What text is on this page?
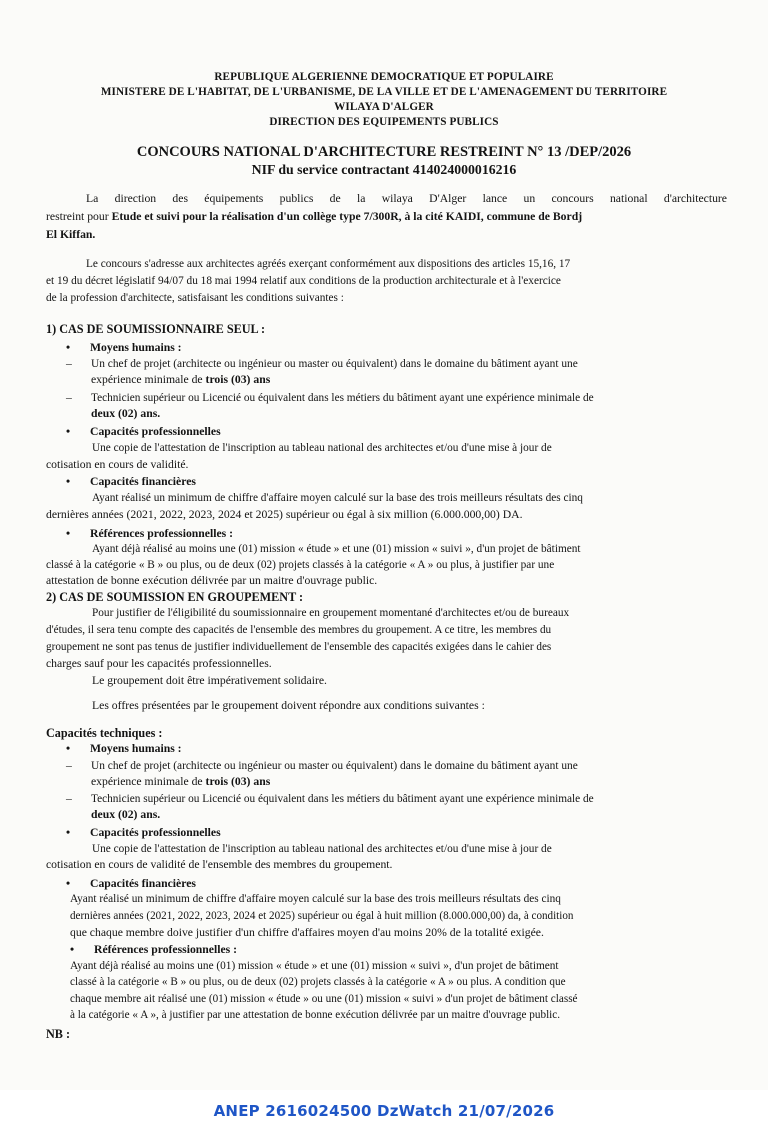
REPUBLIQUE ALGERIENNE DEMOCRATIQUE ET POPULAIRE
MINISTERE DE L'HABITAT, DE L'URBANISME, DE LA VILLE ET DE L'AMENAGEMENT DU TERRITOIRE
WILAYA D'ALGER
DIRECTION DES EQUIPEMENTS PUBLICS
CONCOURS NATIONAL D'ARCHITECTURE RESTREINT N° 13 /DEP/2026
NIF du service contractant 414024000016216
La direction des équipements publics de la wilaya D'Alger lance un concours national d'architecture
restreint pour Etude et suivi pour la réalisation d'un collège type 7/300R, à la cité KAIDI, commune de Bordj
El Kiffan.
Le concours s'adresse aux architectes agréés exerçant conformément aux dispositions des articles 15,16, 17
et 19 du décret législatif 94/07 du 18 mai 1994 relatif aux conditions de la production architecturale et à l'exercice
de la profession d'architecte, satisfaisant les conditions suivantes :
1) CAS DE SOUMISSIONNAIRE SEUL :
• Moyens humains :
– Un chef de projet (architecte ou ingénieur ou master ou équivalent) dans le domaine du bâtiment ayant une
expérience minimale de trois (03) ans
– Technicien supérieur ou Licencié ou équivalent dans les métiers du bâtiment ayant une expérience minimale de
deux (02) ans.
• Capacités professionnelles
Une copie de l'attestation de l'inscription au tableau national des architectes et/ou d'une mise à jour de
cotisation en cours de validité.
• Capacités financières
Ayant réalisé un minimum de chiffre d'affaire moyen calculé sur la base des trois meilleurs résultats des cinq
dernières années (2021, 2022, 2023, 2024 et 2025) supérieur ou égal à six million (6.000.000,00) DA.
• Références professionnelles :
Ayant déjà réalisé au moins une (01) mission « étude » et une (01) mission « suivi », d'un projet de bâtiment
classé à la catégorie « B » ou plus, ou de deux (02) projets classés à la catégorie « A » ou plus, à justifier par une
attestation de bonne exécution délivrée par un maitre d'ouvrage public.
2) CAS DE SOUMISSION EN GROUPEMENT :
Pour justifier de l'éligibilité du soumissionnaire en groupement momentané d'architectes et/ou de bureaux
d'études, il sera tenu compte des capacités de l'ensemble des membres du groupement. A ce titre, les membres du
groupement ne sont pas tenus de justifier individuellement de l'ensemble des capacités exigées dans le cahier des
charges sauf pour les capacités professionnelles.
Le groupement doit être impérativement solidaire.
Les offres présentées par le groupement doivent répondre aux conditions suivantes :
Capacités techniques :
• Moyens humains :
– Un chef de projet (architecte ou ingénieur ou master ou équivalent) dans le domaine du bâtiment ayant une
expérience minimale de trois (03) ans
– Technicien supérieur ou Licencié ou équivalent dans les métiers du bâtiment ayant une expérience minimale de
deux (02) ans.
• Capacités professionnelles
Une copie de l'attestation de l'inscription au tableau national des architectes et/ou d'une mise à jour de
cotisation en cours de validité de l'ensemble des membres du groupement.
• Capacités financières
Ayant réalisé un minimum de chiffre d'affaire moyen calculé sur la base des trois meilleurs résultats des cinq
dernières années (2021, 2022, 2023, 2024 et 2025) supérieur ou égal à huit million (8.000.000,00) da, à condition
que chaque membre doive justifier d'un chiffre d'affaires moyen d'au moins 20% de la totalité exigée.
• Références professionnelles :
Ayant déjà réalisé au moins une (01) mission « étude » et une (01) mission « suivi », d'un projet de bâtiment
classé à la catégorie « B » ou plus, ou de deux (02) projets classés à la catégorie « A » ou plus. A condition que
chaque membre ait réalisé une (01) mission « étude » ou une (01) mission « suivi » d'un projet de bâtiment classé
à la catégorie « A », à justifier par une attestation de bonne exécution délivrée par un maitre d'ouvrage public.
NB :
ANEP 2616024500 DzWatch 21/07/2026
